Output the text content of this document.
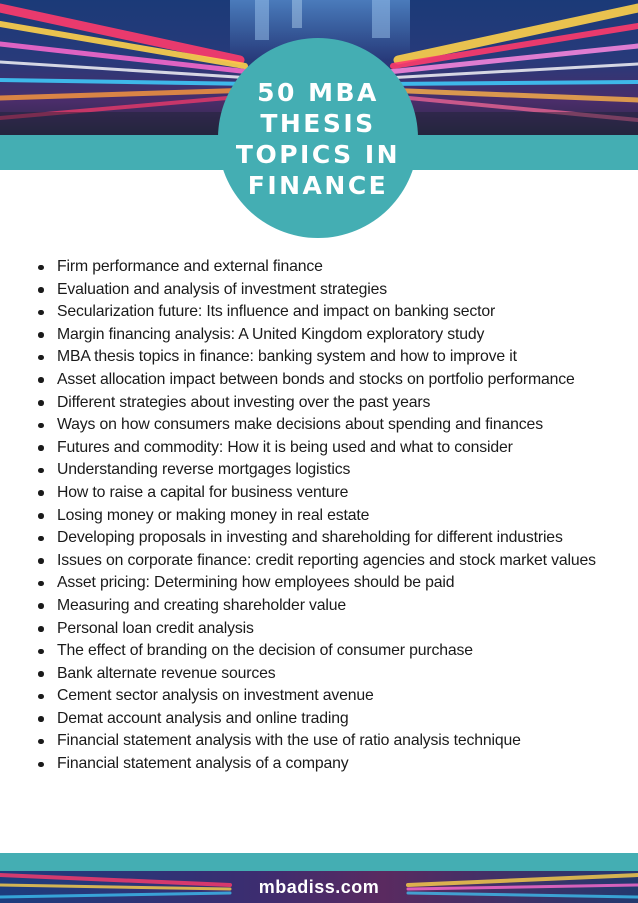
50 MBA THESIS
TOPICS IN
FINANCE
Firm performance and external finance
Evaluation and analysis of investment strategies
Secularization future: Its influence and impact on banking sector
Margin financing analysis: A United Kingdom exploratory study
MBA thesis topics in finance: banking system and how to improve it
Asset allocation impact between bonds and stocks on portfolio performance
Different strategies about investing over the past years
Ways on how consumers make decisions about spending and finances
Futures and commodity: How it is being used and what to consider
Understanding reverse mortgages logistics
How to raise a capital for business venture
Losing money or making money in real estate
Developing proposals in investing and shareholding for different industries
Issues on corporate finance: credit reporting agencies and stock market values
Asset pricing: Determining how employees should be paid
Measuring and creating shareholder value
Personal loan credit analysis
The effect of branding on the decision of consumer purchase
Bank alternate revenue sources
Cement sector analysis on investment avenue
Demat account analysis and online trading
Financial statement analysis with the use of ratio analysis technique
Financial statement analysis of a company
mbadiss.com
